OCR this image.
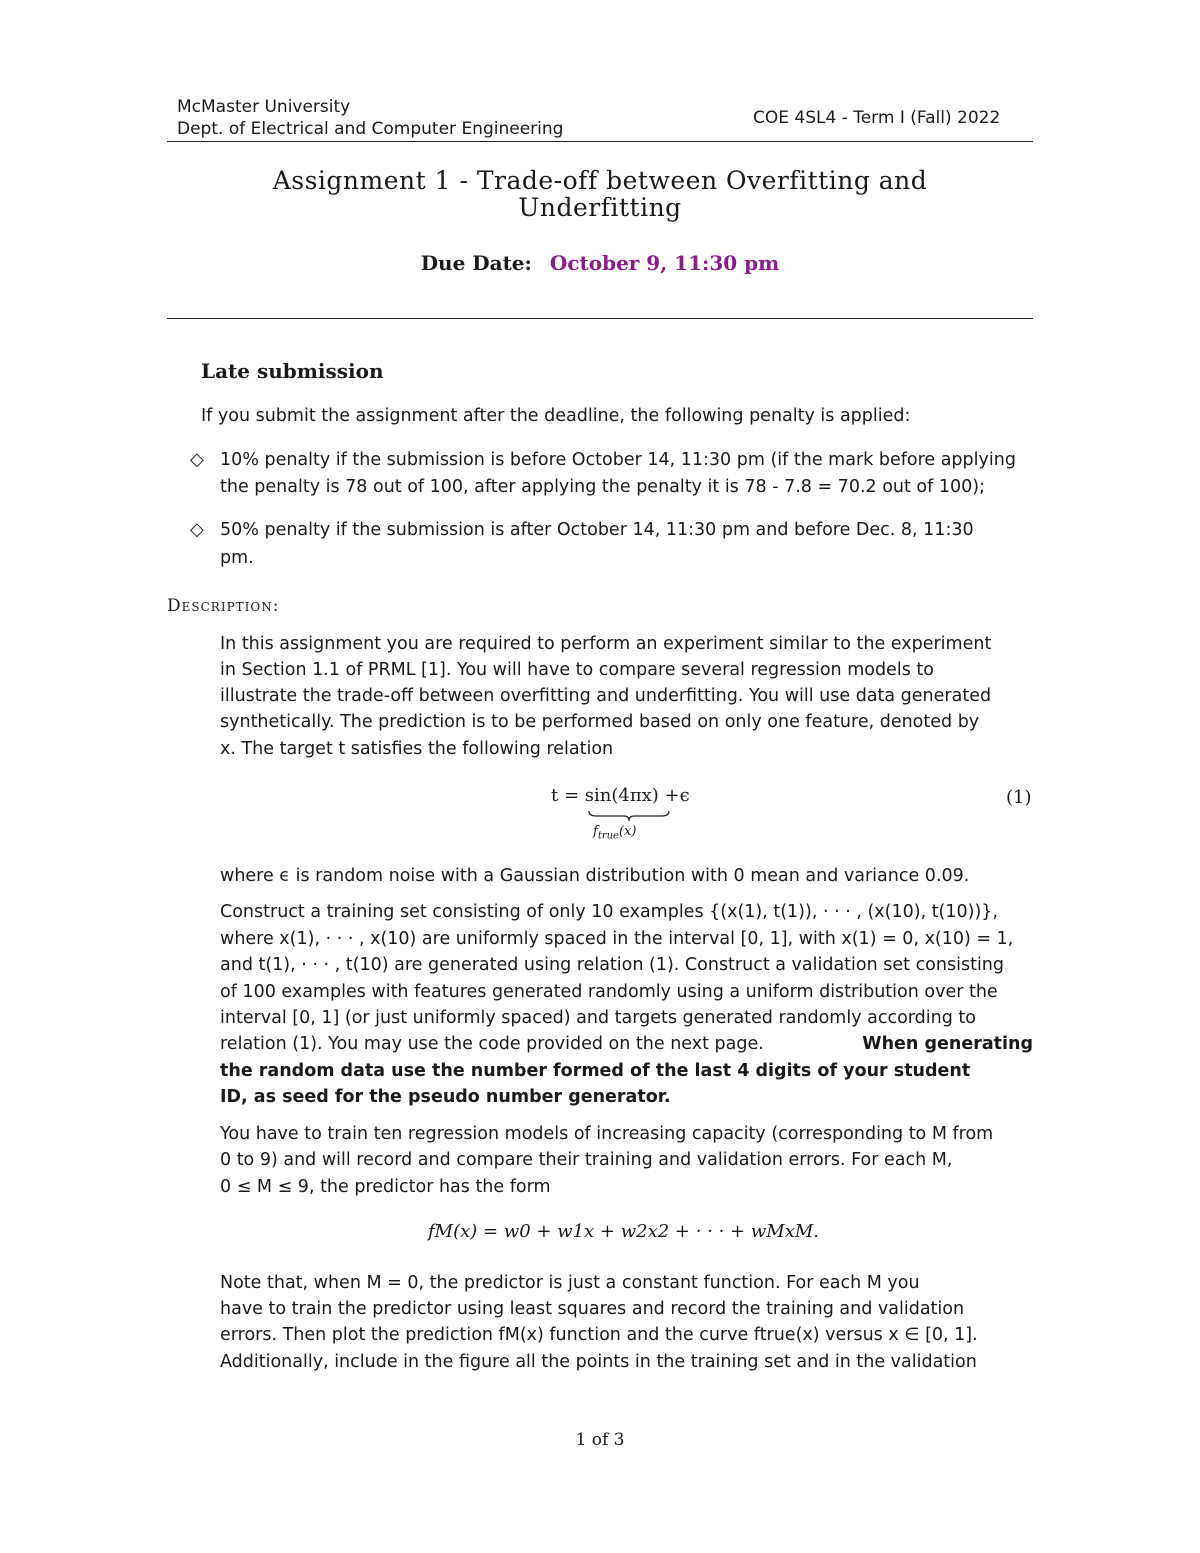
McMaster University
Dept. of Electrical and Computer Engineering
COE 4SL4 - Term I (Fall) 2022
Assignment 1 - Trade-off between Overfitting and
Underfitting
Due Date: October 9, 11:30 pm
Late submission
If you submit the assignment after the deadline, the following penalty is applied:
◇ 10% penalty if the submission is before October 14, 11:30 pm (if the mark before applying
the penalty is 78 out of 100, after applying the penalty it is 78 - 7.8 = 70.2 out of 100);
◇ 50% penalty if the submission is after October 14, 11:30 pm and before Dec. 8, 11:30
pm.
Description:
In this assignment you are required to perform an experiment similar to the experiment
in Section 1.1 of PRML [1]. You will have to compare several regression models to
illustrate the trade-off between overfitting and underfitting. You will use data generated
synthetically. The prediction is to be performed based on only one feature, denoted by
x. The target t satisfies the following relation
t = sin(4πx) +ϵ
$f_{true}(x)$
(1)
where ϵ is random noise with a Gaussian distribution with 0 mean and variance 0.09.
Construct a training set consisting of only 10 examples {(x(1), t(1)), · · · , (x(10), t(10))},
where x(1), · · · , x(10) are uniformly spaced in the interval [0, 1], with x(1) = 0, x(10) = 1,
and t(1), · · · , t(10) are generated using relation (1). Construct a validation set consisting
of 100 examples with features generated randomly using a uniform distribution over the
interval [0, 1] (or just uniformly spaced) and targets generated randomly according to
relation (1). You may use the code provided on the next page.	When generating
the random data use the number formed of the last 4 digits of your student
ID, as seed for the pseudo number generator.
You have to train ten regression models of increasing capacity (corresponding to M from
0 to 9) and will record and compare their training and validation errors. For each M,
0 ≤ M ≤ 9, the predictor has the form
fM(x) = w0 + w1x + w2x2 + · · · + wMxM.
Note that, when M = 0, the predictor is just a constant function. For each M you
have to train the predictor using least squares and record the training and validation
errors. Then plot the prediction fM(x) function and the curve ftrue(x) versus x ∈ [0, 1].
Additionally, include in the figure all the points in the training set and in the validation
1 of 3
